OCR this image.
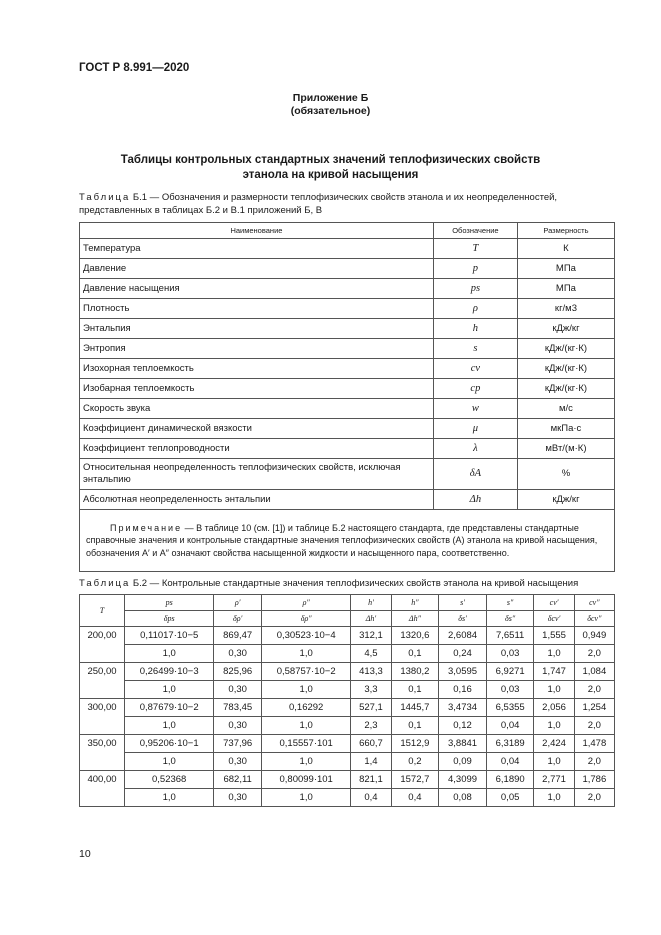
ГОСТ Р 8.991—2020
Приложение Б
(обязательное)
Таблицы контрольных стандартных значений теплофизических свойств
этанола на кривой насыщения
Таблица Б.1 — Обозначения и размерности теплофизических свойств этанола и их неопределенностей, представленных в таблицах Б.2 и В.1 приложений Б, В
Наименование	Обозначение	Размерность
Температура	T	К
Давление	p	МПа
Давление насыщения	ps	МПа
Плотность	ρ	кг/м3
Энтальпия	h	кДж/кг
Энтропия	s	кДж/(кг·К)
Изохорная теплоемкость	cv	кДж/(кг·К)
Изобарная теплоемкость	cp	кДж/(кг·К)
Скорость звука	w	м/с
Коэффициент динамической вязкости	μ	мкПа·с
Коэффициент теплопроводности	λ	мВт/(м·К)
Относительная неопределенность теплофизических свойств, исключая энтальпию	δA	%
Абсолютная неопределенность энтальпии	Δh	кДж/кг
Примечание — В таблице 10 (см. [1]) и таблице Б.2 настоящего стандарта, где представлены стандартные справочные значения и контрольные стандартные значения теплофизических свойств (A) этанола на кривой насыщения, обозначения A′ и A″ означают свойства насыщенной жидкости и насыщенного пара, соответственно.		
Таблица Б.2 — Контрольные стандартные значения теплофизических свойств этанола на кривой насыщения
T	ps	ρ′	ρ″	h′	h″	s′	s″	cv′	cv″
	δps	δρ′	δρ″	Δh′	Δh″	δs′	δs″	δcv′	δcv″
200,00	0,11017·10−5	869,47	0,30523·10−4	312,1	1320,6	2,6084	7,6511	1,555	0,949
	1,0	0,30	1,0	4,5	0,1	0,24	0,03	1,0	2,0
250,00	0,26499·10−3	825,96	0,58757·10−2	413,3	1380,2	3,0595	6,9271	1,747	1,084
	1,0	0,30	1,0	3,3	0,1	0,16	0,03	1,0	2,0
300,00	0,87679·10−2	783,45	0,16292	527,1	1445,7	3,4734	6,5355	2,056	1,254
	1,0	0,30	1,0	2,3	0,1	0,12	0,04	1,0	2,0
350,00	0,95206·10−1	737,96	0,15557·101	660,7	1512,9	3,8841	6,3189	2,424	1,478
	1,0	0,30	1,0	1,4	0,2	0,09	0,04	1,0	2,0
400,00	0,52368	682,11	0,80099·101	821,1	1572,7	4,3099	6,1890	2,771	1,786
	1,0	0,30	1,0	0,4	0,4	0,08	0,05	1,0	2,0
10
